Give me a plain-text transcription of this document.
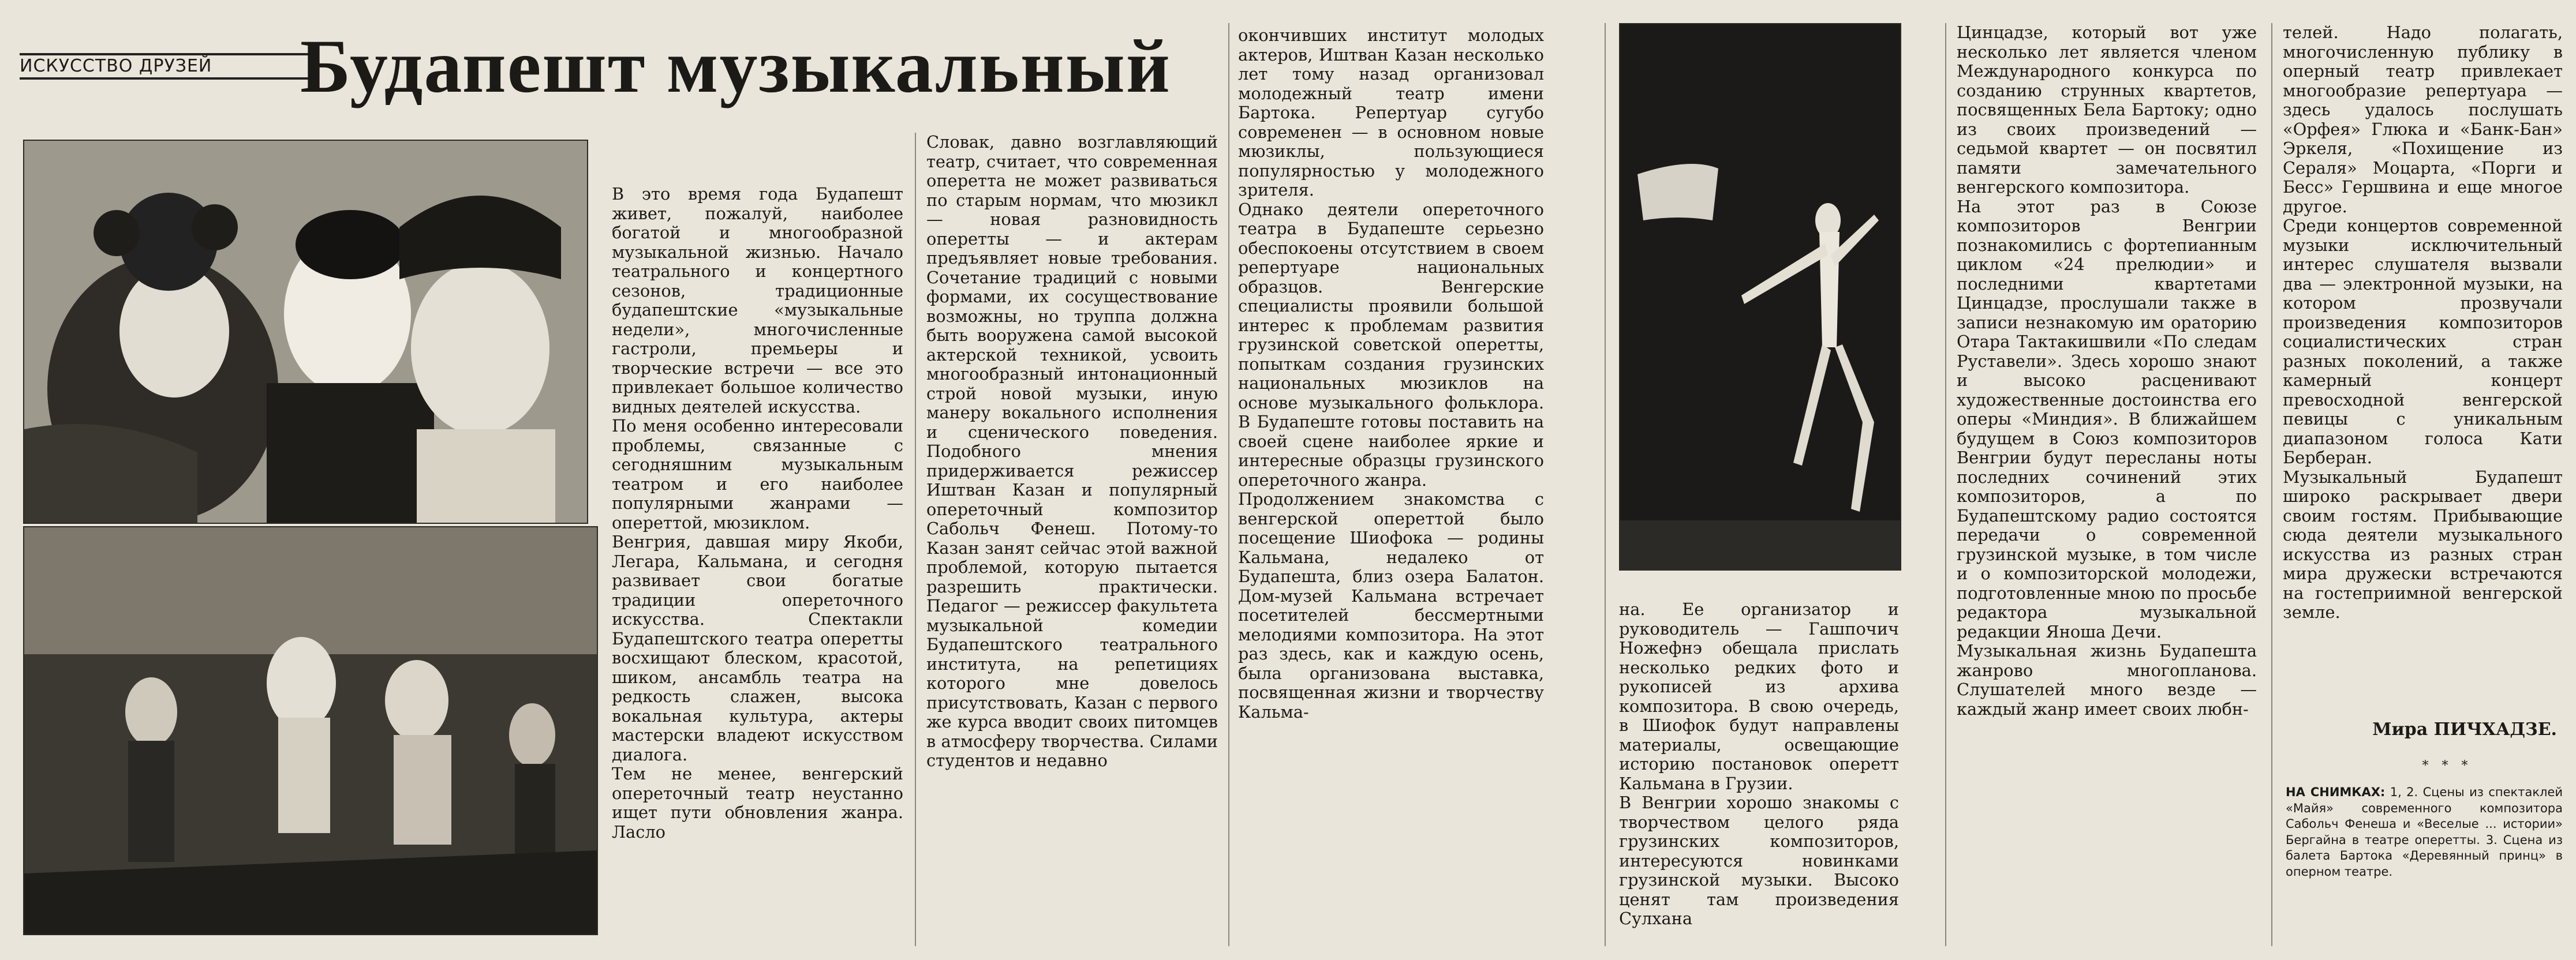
ИСКУССТВО ДРУЗЕЙ	Будапешт музыкальный
В это время года Будапешт живет, пожалуй, наиболее богатой и многообразной музыкальной жизнью. Начало театрального и концертного сезонов, традиционные будапештские «музыкальные недели», многочисленные гастроли, премьеры и творческие встречи — все это привлекает большое количество видных деятелей искусства.
По меня особенно интересовали проблемы, связанные с сегодняшним музыкальным театром и его наиболее популярными жанрами — опереттой, мюзиклом.
Венгрия, давшая миру Якоби, Легара, Кальмана, и сегодня развивает свои богатые традиции опереточного искусства. Спектакли Будапештского театра оперетты восхищают блеском, красотой, шиком, ансамбль театра на редкость слажен, высока вокальная культура, актеры мастерски владеют искусством диалога.
Тем не менее, венгерский опереточный театр неустанно ищет пути обновления жанра. Ласло
Словак, давно возглавляющий театр, считает, что современная оперетта не может развиваться по старым нормам, что мюзикл — новая разновидность оперетты — и актерам предъявляет новые требования. Сочетание традиций с новыми формами, их сосуществование возможны, но труппа должна быть вооружена самой высокой актерской техникой, усвоить многообразный интонационный строй новой музыки, иную манеру вокального исполнения и сценического поведения. Подобного мнения придерживается режиссер Иштван Казан и популярный опереточный композитор Сабольч Фенеш. Потому-то Казан занят сейчас этой важной проблемой, которую пытается разрешить практически. Педагог — режиссер факультета музыкальной комедии Будапештского театрального института, на репетициях которого мне довелось присутствовать, Казан с первого же курса вводит своих питомцев в атмосферу творчества. Силами студентов и недавно
окончивших институт молодых актеров, Иштван Казан несколько лет тому назад организовал молодежный театр имени Бартока. Репертуар сугубо современен — в основном новые мюзиклы, пользующиеся популярностью у молодежного зрителя.
Однако деятели опереточного театра в Будапеште серьезно обеспокоены отсутствием в своем репертуаре национальных образцов. Венгерские специалисты проявили большой интерес к проблемам развития грузинской советской оперетты, попыткам создания грузинских национальных мюзиклов на основе музыкального фольклора. В Будапеште готовы поставить на своей сцене наиболее яркие и интересные образцы грузинского опереточного жанра.
Продолжением знакомства с венгерской опереттой было посещение Шиофока — родины Кальмана, недалеко от Будапешта, близ озера Балатон. Дом-музей Кальмана встречает посетителей бессмертными мелодиями композитора. На этот раз здесь, как и каждую осень, была организована выставка, посвященная жизни и творчеству Кальма-
на. Ее организатор и руководитель — Гашпочич Ножефнэ обещала прислать несколько редких фото и рукописей из архива композитора. В свою очередь, в Шиофок будут направлены материалы, освещающие историю постановок оперетт Кальмана в Грузии.
В Венгрии хорошо знакомы с творчеством целого ряда грузинских композиторов, интересуются новинками грузинской музыки. Высоко ценят там произведения Сулхана
Цинцадзе, который вот уже несколько лет является членом Международного конкурса по созданию струнных квартетов, посвященных Бела Бартоку; одно из своих произведений — седьмой квартет — он посвятил памяти замечательного венгерского композитора.
На этот раз в Союзе композиторов Венгрии познакомились с фортепианным циклом «24 прелюдии» и последними квартетами Цинцадзе, прослушали также в записи незнакомую им ораторию Отара Тактакишвили «По следам Руставели». Здесь хорошо знают и высоко расценивают художественные достоинства его оперы «Миндия». В ближайшем будущем в Союз композиторов Венгрии будут пересланы ноты последних сочинений этих композиторов, а по Будапештскому радио состоятся передачи о современной грузинской музыке, в том числе и о композиторской молодежи, подготовленные мною по просьбе редактора музыкальной редакции Яноша Дечи.
Музыкальная жизнь Будапешта жанрово многопланова. Слушателей много везде — каждый жанр имеет своих любн-
телей. Надо полагать, многочисленную публику в оперный театр привлекает многообразие репертуара — здесь удалось послушать «Орфея» Глюка и «Банк-Бан» Эркеля, «Похищение из Сераля» Моцарта, «Порги и Бесс» Гершвина и еще многое другое.
Среди концертов современной музыки исключительный интерес слушателя вызвали два — электронной музыки, на котором прозвучали произведения композиторов социалистических стран разных поколений, а также камерный концерт превосходной венгерской певицы с уникальным диапазоном голоса Кати Берберан.
Музыкальный Будапешт широко раскрывает двери своим гостям. Прибывающие сюда деятели музыкального искусства из разных стран мира дружески встречаются на гостеприимной венгерской земле.
Мира ПИЧХАДЗЕ.
* * *
НА СНИМКАХ: 1, 2. Сцены из спектаклей «Майя» современного композитора Сабольч Фенеша и «Веселые ... истории» Бергайна в театре оперетты. 3. Сцена из балета Бартока «Деревянный принц» в оперном театре.
